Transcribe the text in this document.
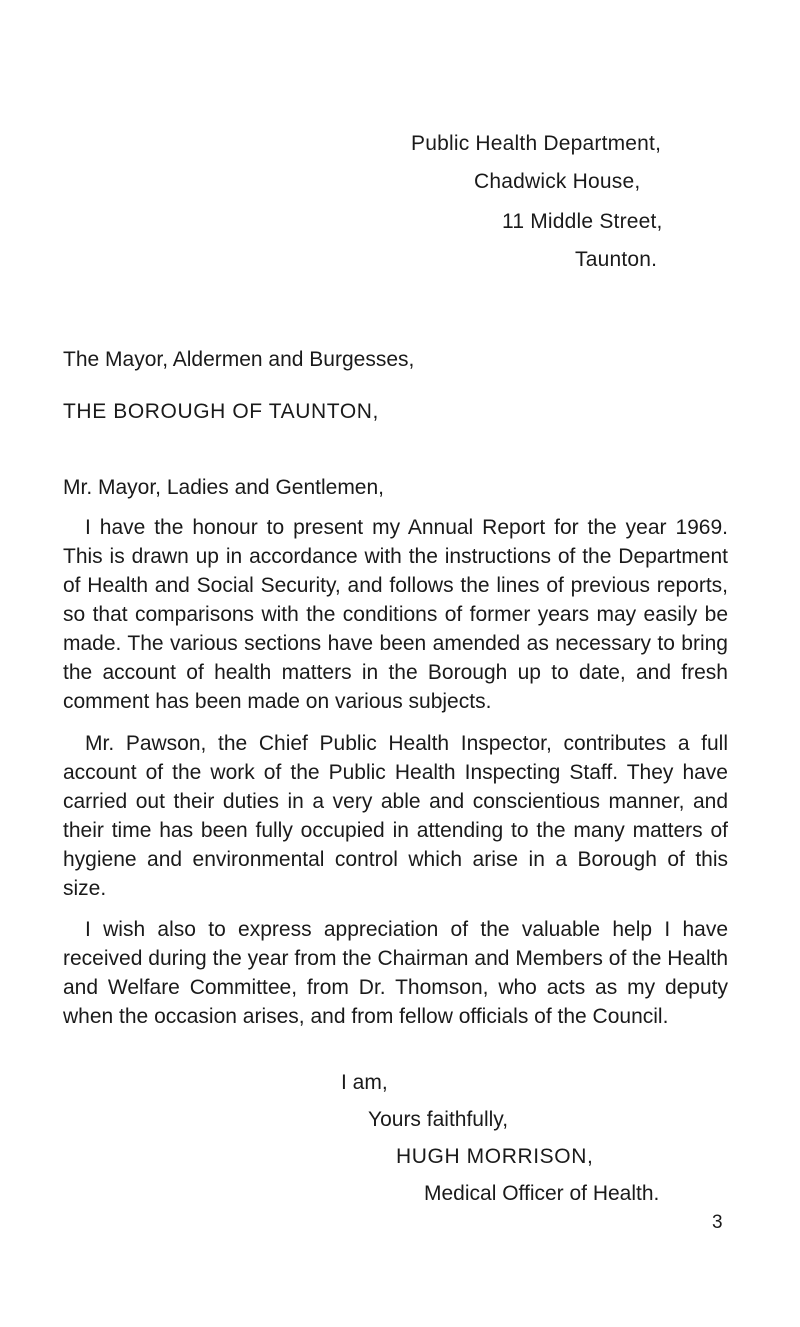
Public Health Department,
Chadwick House,
11 Middle Street,
Taunton.
The Mayor, Aldermen and Burgesses,
THE BOROUGH OF TAUNTON,
Mr. Mayor, Ladies and Gentlemen,

I have the honour to present my Annual Report for the year 1969. This is drawn up in accordance with the instructions of the Department of Health and Social Security, and follows the lines of previous reports, so that comparisons with the conditions of former years may easily be made. The various sections have been amended as necessary to bring the account of health matters in the Borough up to date, and fresh comment has been made on various subjects.

Mr. Pawson, the Chief Public Health Inspector, contributes a full account of the work of the Public Health Inspecting Staff. They have carried out their duties in a very able and conscientious manner, and their time has been fully occupied in attending to the many matters of hygiene and environmental control which arise in a Borough of this size.

I wish also to express appreciation of the valuable help I have received during the year from the Chairman and Members of the Health and Welfare Committee, from Dr. Thomson, who acts as my deputy when the occasion arises, and from fellow officials of the Council.

I am,
Yours faithfully,
HUGH MORRISON,
Medical Officer of Health.
3
